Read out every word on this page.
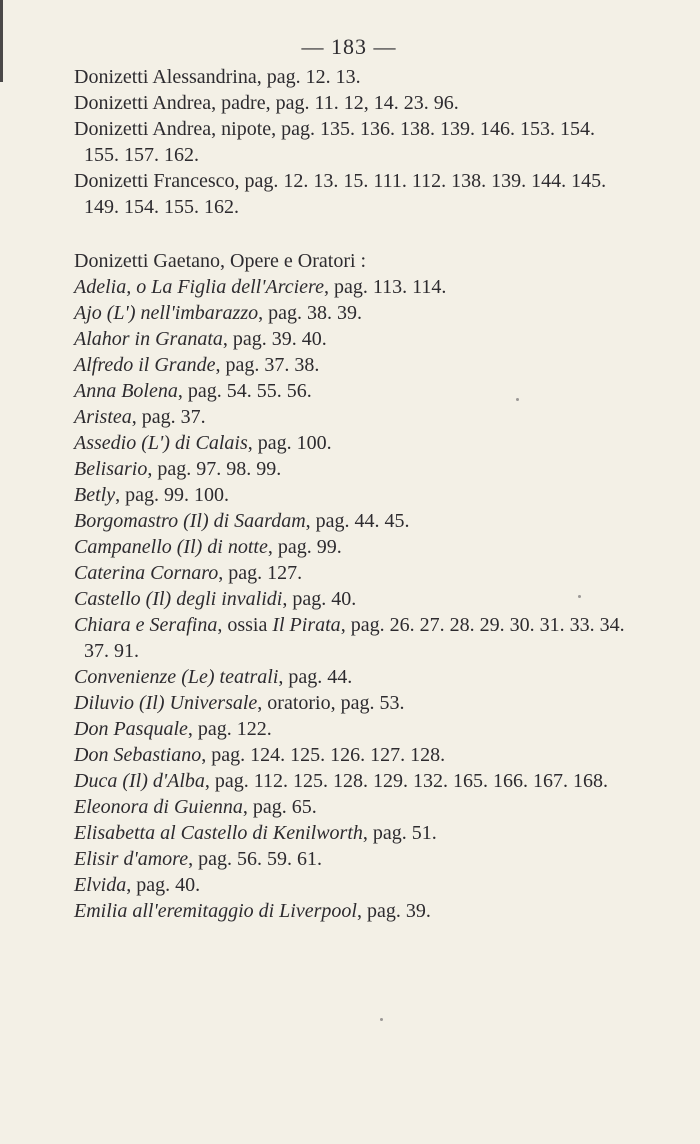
— 183 —
Donizetti Alessandrina, pag. 12. 13.
Donizetti Andrea, padre, pag. 11. 12, 14. 23. 96.
Donizetti Andrea, nipote, pag. 135. 136. 138. 139. 146. 153. 154. 155. 157. 162.
Donizetti Francesco, pag. 12. 13. 15. 111. 112. 138. 139. 144. 145. 149. 154. 155. 162.
Donizetti Gaetano, Opere e Oratori :
Adelia, o La Figlia dell'Arciere, pag. 113. 114.
Ajo (L') nell'imbarazzo, pag. 38. 39.
Alahor in Granata, pag. 39. 40.
Alfredo il Grande, pag. 37. 38.
Anna Bolena, pag. 54. 55. 56.
Aristea, pag. 37.
Assedio (L') di Calais, pag. 100.
Belisario, pag. 97. 98. 99.
Betly, pag. 99. 100.
Borgomastro (Il) di Saardam, pag. 44. 45.
Campanello (Il) di notte, pag. 99.
Caterina Cornaro, pag. 127.
Castello (Il) degli invalidi, pag. 40.
Chiara e Serafina, ossia Il Pirata, pag. 26. 27. 28. 29. 30. 31. 33. 34. 37. 91.
Convenienze (Le) teatrali, pag. 44.
Diluvio (Il) Universale, oratorio, pag. 53.
Don Pasquale, pag. 122.
Don Sebastiano, pag. 124. 125. 126. 127. 128.
Duca (Il) d'Alba, pag. 112. 125. 128. 129. 132. 165. 166. 167. 168.
Eleonora di Guienna, pag. 65.
Elisabetta al Castello di Kenilworth, pag. 51.
Elisir d'amore, pag. 56. 59. 61.
Elvida, pag. 40.
Emilia all'eremitaggio di Liverpool, pag. 39.
